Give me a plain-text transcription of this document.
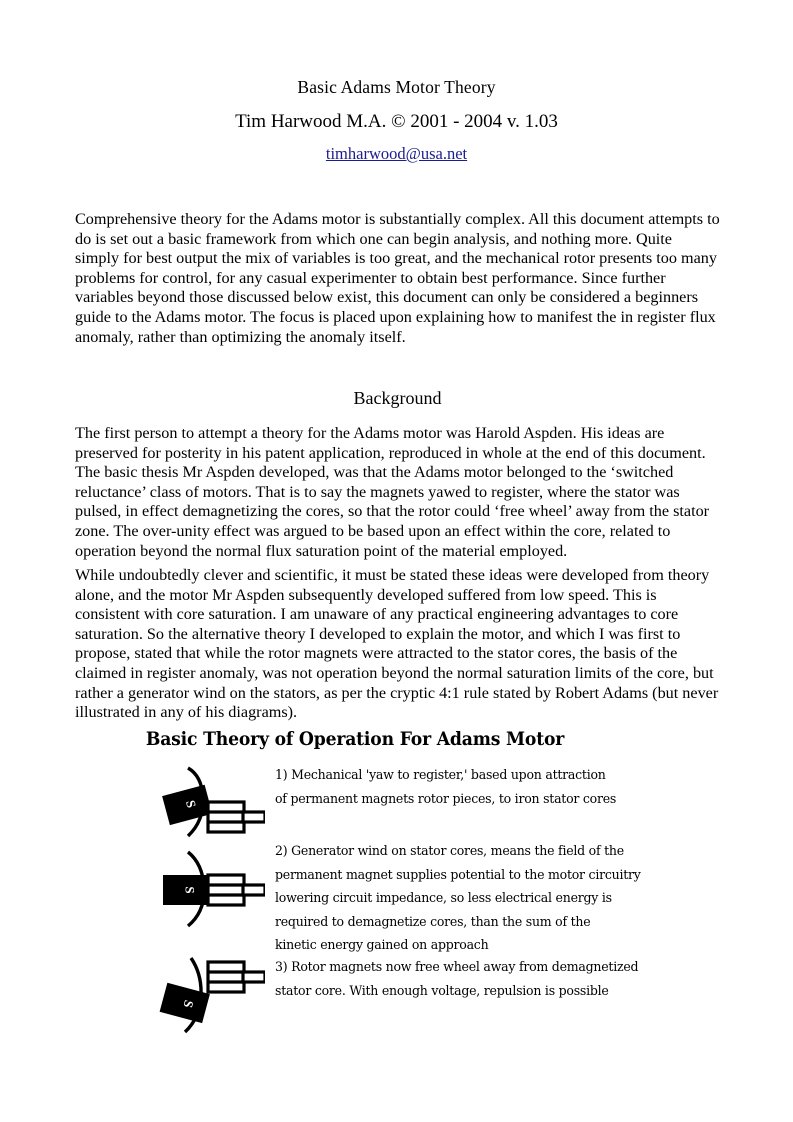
Basic Adams Motor Theory
Tim Harwood M.A. © 2001 - 2004 v. 1.03
timharwood@usa.net
Comprehensive theory for the Adams motor is substantially complex. All this document attempts to do is set out a basic framework from which one can begin analysis, and nothing more. Quite simply for best output the mix of variables is too great, and the mechanical rotor presents too many problems for control, for any casual experimenter to obtain best performance. Since further variables beyond those discussed below exist, this document can only be considered a beginners guide to the Adams motor. The focus is placed upon explaining how to manifest the in register flux anomaly, rather than optimizing the anomaly itself.
Background
The first person to attempt a theory for the Adams motor was Harold Aspden. His ideas are preserved for posterity in his patent application, reproduced in whole at the end of this document. The basic thesis Mr Aspden developed, was that the Adams motor belonged to the ‘switched reluctance’ class of motors. That is to say the magnets yawed to register, where the stator was pulsed, in effect demagnetizing the cores, so that the rotor could ‘free wheel’ away from the stator zone. The over-unity effect was argued to be based upon an effect within the core, related to operation beyond the normal flux saturation point of the material employed.
While undoubtedly clever and scientific, it must be stated these ideas were developed from theory alone, and the motor Mr Aspden subsequently developed suffered from low speed. This is consistent with core saturation. I am unaware of any practical engineering advantages to core saturation. So the alternative theory I developed to explain the motor, and which I was first to propose, stated that while the rotor magnets were attracted to the stator cores, the basis of the claimed in register anomaly, was not operation beyond the normal saturation limits of the core, but rather a generator wind on the stators, as per the cryptic 4:1 rule stated by Robert Adams (but never illustrated in any of his diagrams).
Basic Theory of Operation For Adams Motor
S
1) Mechanical 'yaw to register,' based upon attraction
of permanent magnets rotor pieces, to iron stator cores
S
2) Generator wind on stator cores, means the field of the
permanent magnet supplies potential to the motor circuitry
lowering circuit impedance, so less electrical energy is
required to demagnetize cores, than the sum of the
kinetic energy gained on approach
S
3) Rotor magnets now free wheel away from demagnetized
stator core. With enough voltage, repulsion is possible
